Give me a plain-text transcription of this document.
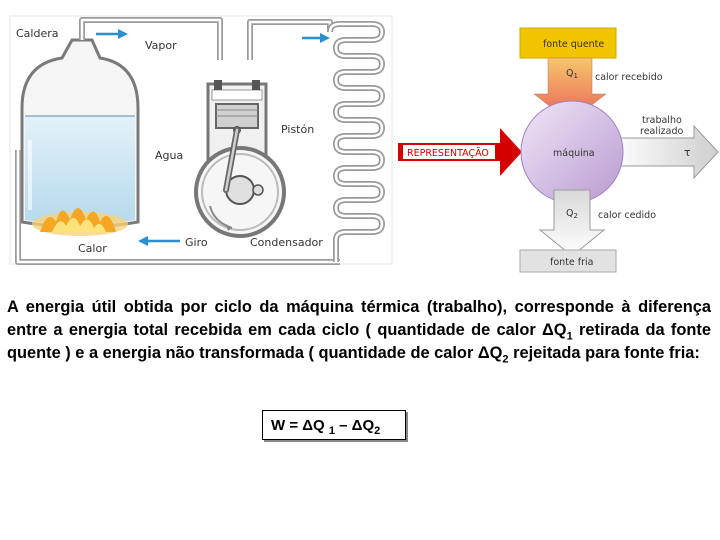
Caldera
Vapor
Pistón
Agua
Calor	Giro	Condensador
REPRESENTAÇÃO
fonte quente
$Q_1$ calor recebido
trabalho
realizado
τ
máquina
$Q_2$ calor cedido
fonte fria

A energia útil obtida por ciclo da máquina térmica (trabalho), corresponde à diferença entre a energia total recebida em cada ciclo ( quantidade de calor $\Delta Q_1$ retirada da fonte quente ) e a energia não transformada ( quantidade de calor $\Delta Q_2$ rejeitada para fonte fria:

W = ΔQ $_1 - \Delta Q_2$
